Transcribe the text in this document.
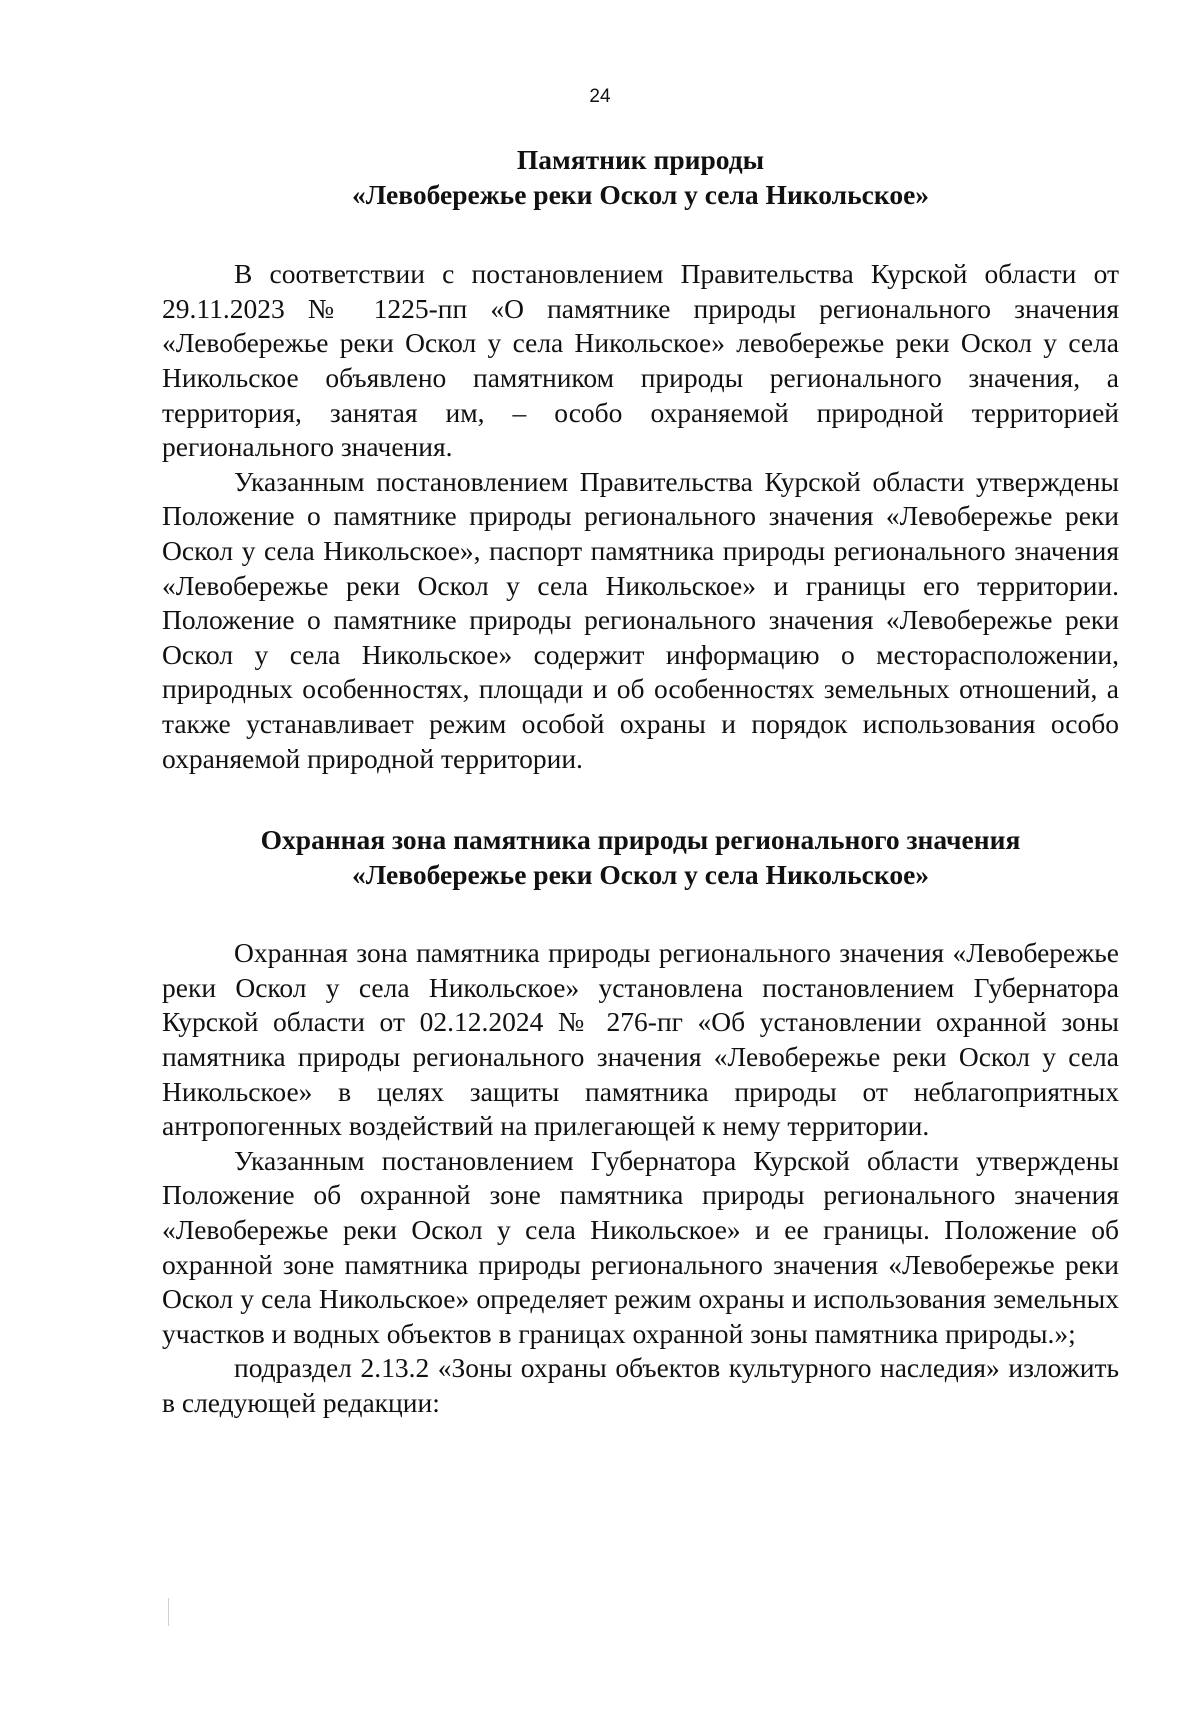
24
Памятник природы
«Левобережье реки Оскол у села Никольское»

В соответствии с постановлением Правительства Курской области от 29.11.2023 № 1225-пп «О памятнике природы регионального значения «Левобережье реки Оскол у села Никольское» левобережье реки Оскол у села Никольское объявлено памятником природы регионального значения, а территория, занятая им, – особо охраняемой природной территорией регионального значения.

Указанным постановлением Правительства Курской области утверждены Положение о памятнике природы регионального значения «Левобережье реки Оскол у села Никольское», паспорт памятника природы регионального значения «Левобережье реки Оскол у села Никольское» и границы его территории. Положение о памятнике природы регионального значения «Левобережье реки Оскол у села Никольское» содержит информацию о месторасположении, природных особенностях, площади и об особенностях земельных отношений, а также устанавливает режим особой охраны и порядок использования особо охраняемой природной территории.

Охранная зона памятника природы регионального значения
«Левобережье реки Оскол у села Никольское»

Охранная зона памятника природы регионального значения «Левобережье реки Оскол у села Никольское» установлена постановлением Губернатора Курской области от 02.12.2024 № 276-пг «Об установлении охранной зоны памятника природы регионального значения «Левобережье реки Оскол у села Никольское» в целях защиты памятника природы от неблагоприятных антропогенных воздействий на прилегающей к нему территории.

Указанным постановлением Губернатора Курской области утверждены Положение об охранной зоне памятника природы регионального значения «Левобережье реки Оскол у села Никольское» и ее границы. Положение об охранной зоне памятника природы регионального значения «Левобережье реки Оскол у села Никольское» определяет режим охраны и использования земельных участков и водных объектов в границах охранной зоны памятника природы.»;

подраздел 2.13.2 «Зоны охраны объектов культурного наследия» изложить в следующей редакции:
